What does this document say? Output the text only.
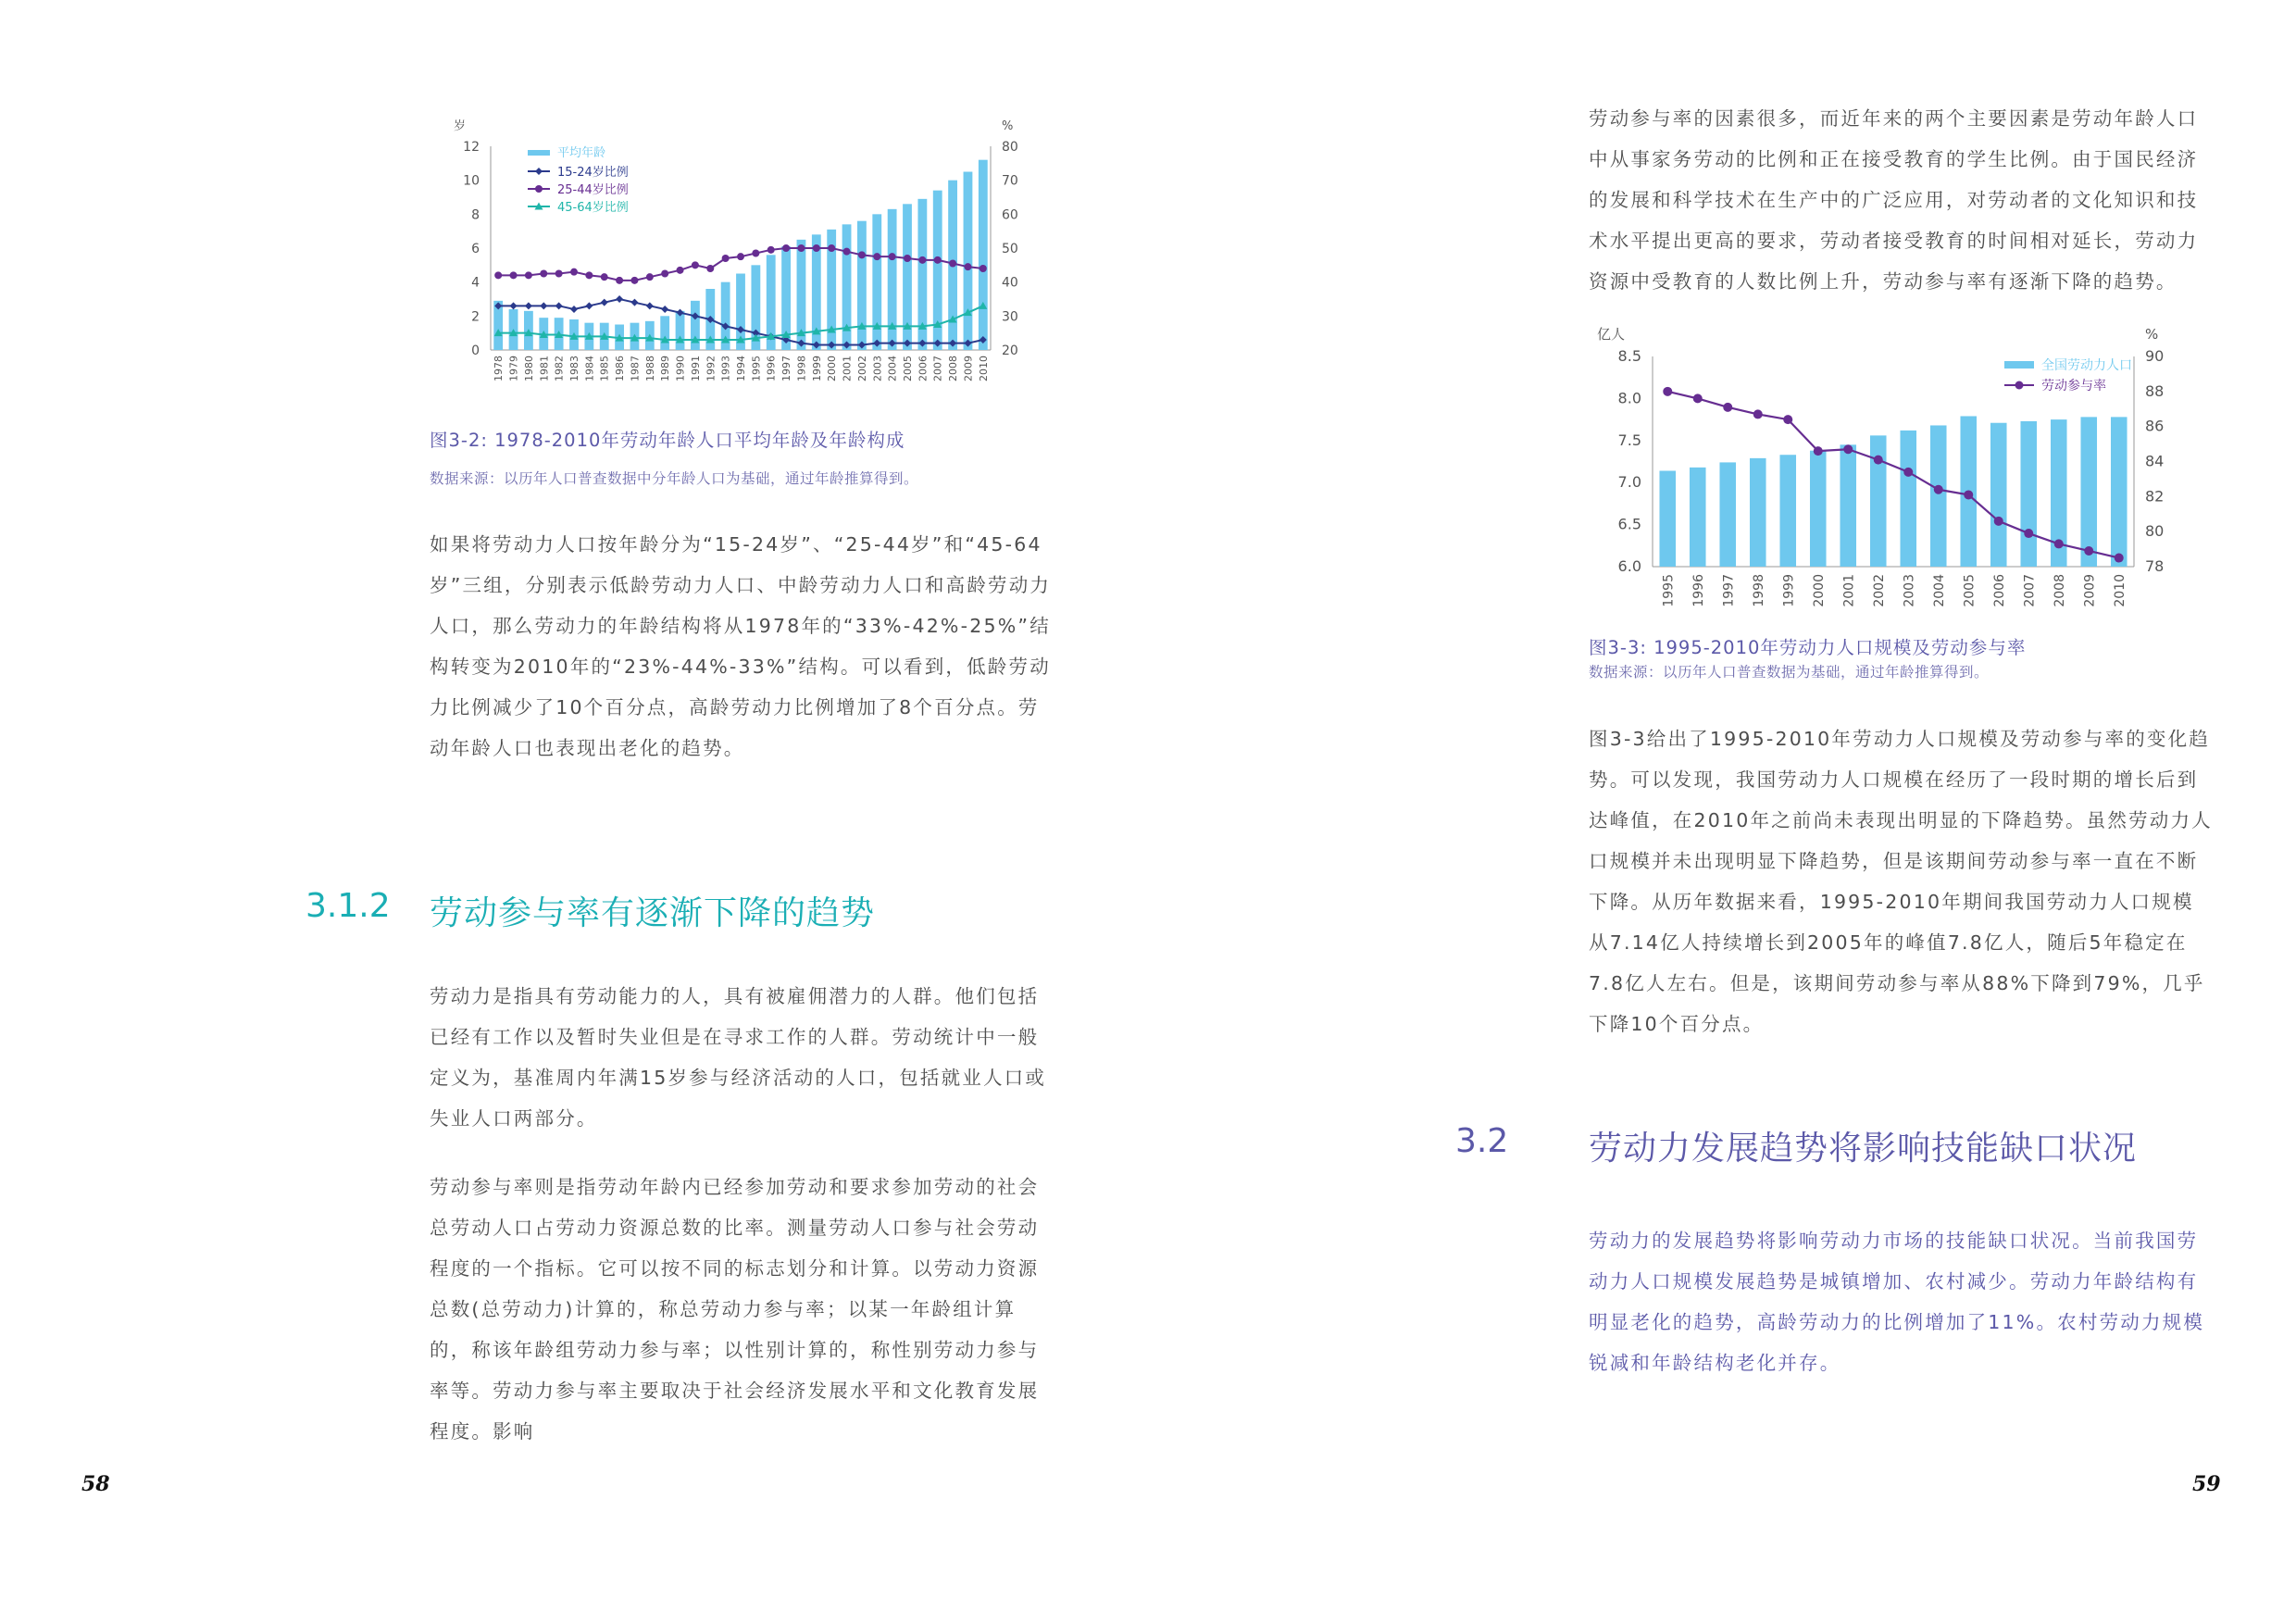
岁	%
0
2
4
6
8
10
12
20
30
40
50
60
70
80
1978 1979 1980 1981 1982 1983 1984 1985 1986 1987 1988 1989 1990 1991 1992 1993 1994 1995 1996 1997 1998 1999 2000 2001 2002 2003 2004 2005 2006 2007 2008 2009 2010
平均年龄
15-24岁比例
25-44岁比例
45-64岁比例
图3-2: 1978-2010年劳动年龄人口平均年龄及年龄构成
数据来源：以历年人口普查数据中分年龄人口为基础，通过年龄推算得到。

如果将劳动力人口按年龄分为“15-24岁”、“25-44岁”和“45-64岁”三组，分别表示低龄劳动力人口、中龄劳动力人口和高龄劳动力人口，那么劳动力的年龄结构将从1978年的“33%-42%-25%”结构转变为2010年的“23%-44%-33%”结构。可以看到，低龄劳动力比例减少了10个百分点，高龄劳动力比例增加了8个百分点。劳动年龄人口也表现出老化的趋势。

3.1.2 劳动参与率有逐渐下降的趋势

劳动力是指具有劳动能力的人，具有被雇佣潜力的人群。他们包括已经有工作以及暂时失业但是在寻求工作的人群。劳动统计中一般定义为，基准周内年满15岁参与经济活动的人口，包括就业人口或失业人口两部分。

劳动参与率则是指劳动年龄内已经参加劳动和要求参加劳动的社会总劳动人口占劳动力资源总数的比率。测量劳动人口参与社会劳动程度的一个指标。它可以按不同的标志划分和计算。以劳动力资源总数(总劳动力)计算的，称总劳动力参与率；以某一年龄组计算的，称该年龄组劳动力参与率；以性别计算的，称性别劳动力参与率等。劳动力参与率主要取决于社会经济发展水平和文化教育发展程度。影响

58

劳动参与率的因素很多，而近年来的两个主要因素是劳动年龄人口中从事家务劳动的比例和正在接受教育的学生比例。由于国民经济的发展和科学技术在生产中的广泛应用，对劳动者的文化知识和技术水平提出更高的要求，劳动者接受教育的时间相对延长，劳动力资源中受教育的人数比例上升，劳动参与率有逐渐下降的趋势。

亿人	%
6.0
6.5
7.0
7.5
8.0
8.5
78
80
82
84
86
88
90
1995 1996 1997 1998 1999 2000 2001 2002 2003 2004 2005 2006 2007 2008 2009 2010
全国劳动力人口
劳动参与率
图3-3: 1995-2010年劳动力人口规模及劳动参与率
数据来源：以历年人口普查数据为基础，通过年龄推算得到。

图3-3给出了1995-2010年劳动力人口规模及劳动参与率的变化趋势。可以发现，我国劳动力人口规模在经历了一段时期的增长后到达峰值，在2010年之前尚未表现出明显的下降趋势。虽然劳动力人口规模并未出现明显下降趋势，但是该期间劳动参与率一直在不断下降。从历年数据来看，1995-2010年期间我国劳动力人口规模从7.14亿人持续增长到2005年的峰值7.8亿人，随后5年稳定在7.8亿人左右。但是，该期间劳动参与率从88%下降到79%，几乎下降10个百分点。

3.2 劳动力发展趋势将影响技能缺口状况

劳动力的发展趋势将影响劳动力市场的技能缺口状况。当前我国劳动力人口规模发展趋势是城镇增加、农村减少。劳动力年龄结构有明显老化的趋势，高龄劳动力的比例增加了11%。农村劳动力规模锐减和年龄结构老化并存。

59
